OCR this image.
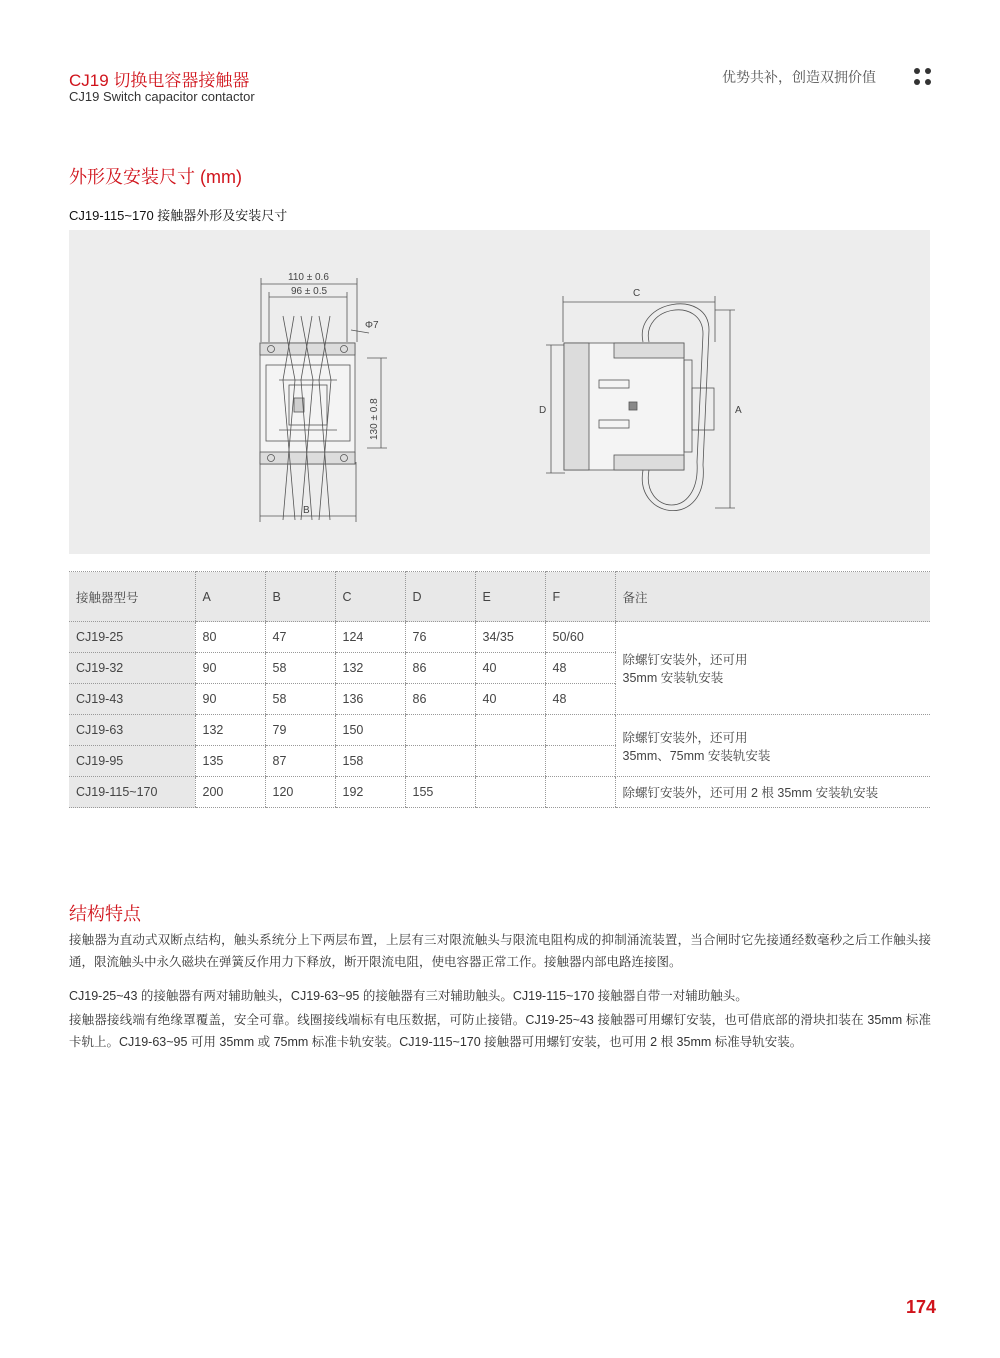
CJ19 切换电容器接触器
CJ19 Switch capacitor contactor
优势共补，创造双拥价值
外形及安装尺寸 (mm)
CJ19-115~170 接触器外形及安装尺寸
110 ± 0.6
96 ± 0.5
Φ7
130 ± 0.8
B
C
D	A
接触器型号	A	B	C	D	E	F	备注
CJ19-25	80	47	124	76	34/35	50/60	除螺钉安装外，还可用
35mm 安装轨安装

CJ19-32	90	58	132	86	40	48	
CJ19-43	90	58	136	86	40	48	
CJ19-63	132	79	150				除螺钉安装外，还可用
35mm、75mm 安装轨安装

CJ19-95	135	87	158				
CJ19-115~170	200	120	192	155			除螺钉安装外，还可用 2 根 35mm 安装轨安装
结构特点

接触器为直动式双断点结构，触头系统分上下两层布置，上层有三对限流触头与限流电阻构成的抑制涌流装置，当合闸时它先接通经数毫秒之后工作触头接通，限流触头中永久磁块在弹簧反作用力下释放，断开限流电阻，使电容器正常工作。接触器内部电路连接图。

CJ19-25~43 的接触器有两对辅助触头，CJ19-63~95 的接触器有三对辅助触头。CJ19-115~170 接触器自带一对辅助触头。

接触器接线端有绝缘罩覆盖，安全可靠。线圈接线端标有电压数据，可防止接错。CJ19-25~43 接触器可用螺钉安装，也可借底部的滑块扣装在 35mm 标准卡轨上。CJ19-63~95 可用 35mm 或 75mm 标准卡轨安装。CJ19-115~170 接触器可用螺钉安装，也可用 2 根 35mm 标准导轨安装。

174
